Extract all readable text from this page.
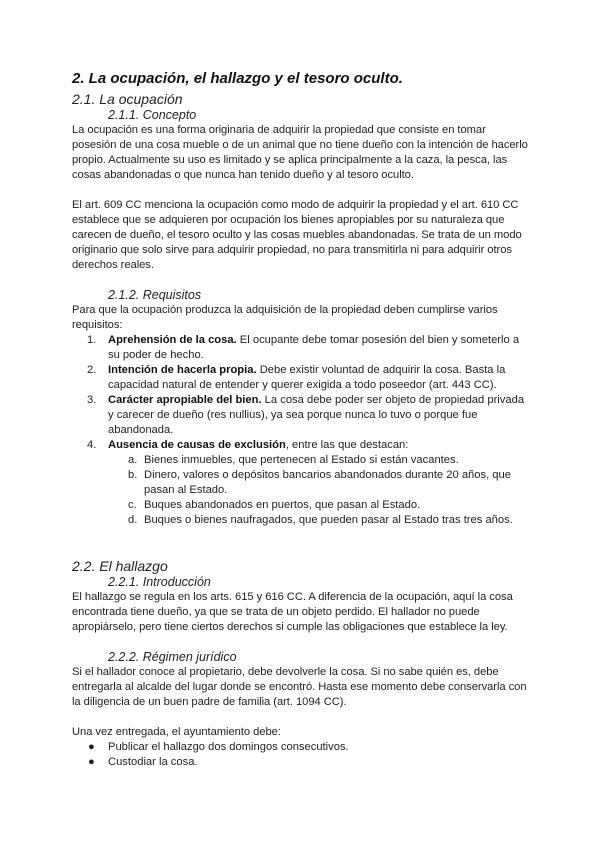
2. La ocupación, el hallazgo y el tesoro oculto.
2.1. La ocupación
2.1.1. Concepto

La ocupación es una forma originaria de adquirir la propiedad que consiste en tomar posesión de una cosa mueble o de un animal que no tiene dueño con la intención de hacerlo propio. Actualmente su uso es limitado y se aplica principalmente a la caza, la pesca, las cosas abandonadas o que nunca han tenido dueño y al tesoro oculto.

El art. 609 CC menciona la ocupación como modo de adquirir la propiedad y el art. 610 CC establece que se adquieren por ocupación los bienes apropiables por su naturaleza que carecen de dueño, el tesoro oculto y las cosas muebles abandonadas. Se trata de un modo originario que solo sirve para adquirir propiedad, no para transmitirla ni para adquirir otros derechos reales.

2.1.2. Requisitos

Para que la ocupación produzca la adquisición de la propiedad deben cumplirse varios requisitos:

1. Aprehensión de la cosa. El ocupante debe tomar posesión del bien y someterlo a su poder de hecho.
2. Intención de hacerla propia. Debe existir voluntad de adquirir la cosa. Basta la capacidad natural de entender y querer exigida a todo poseedor (art. 443 CC).
3. Carácter apropiable del bien. La cosa debe poder ser objeto de propiedad privada y carecer de dueño (res nullius), ya sea porque nunca lo tuvo o porque fue abandonada.
4. Ausencia de causas de exclusión, entre las que destacan:
a. Bienes inmuebles, que pertenecen al Estado si están vacantes.
b. Dinero, valores o depósitos bancarios abandonados durante 20 años, que pasan al Estado.
c. Buques abandonados en puertos, que pasan al Estado.
d. Buques o bienes naufragados, que pueden pasar al Estado tras tres años.
2.2. El hallazgo
2.2.1. Introducción

El hallazgo se regula en los arts. 615 y 616 CC. A diferencia de la ocupación, aquí la cosa encontrada tiene dueño, ya que se trata de un objeto perdido. El hallador no puede apropiárselo, pero tiene ciertos derechos si cumple las obligaciones que establece la ley.

2.2.2. Régimen jurídico

Si el hallador conoce al propietario, debe devolverle la cosa. Si no sabe quién es, debe entregarla al alcalde del lugar donde se encontró. Hasta ese momento debe conservarla con la diligencia de un buen padre de familia (art. 1094 CC).

Una vez entregada, el ayuntamiento debe:

● Publicar el hallazgo dos domingos consecutivos.
● Custodiar la cosa.
